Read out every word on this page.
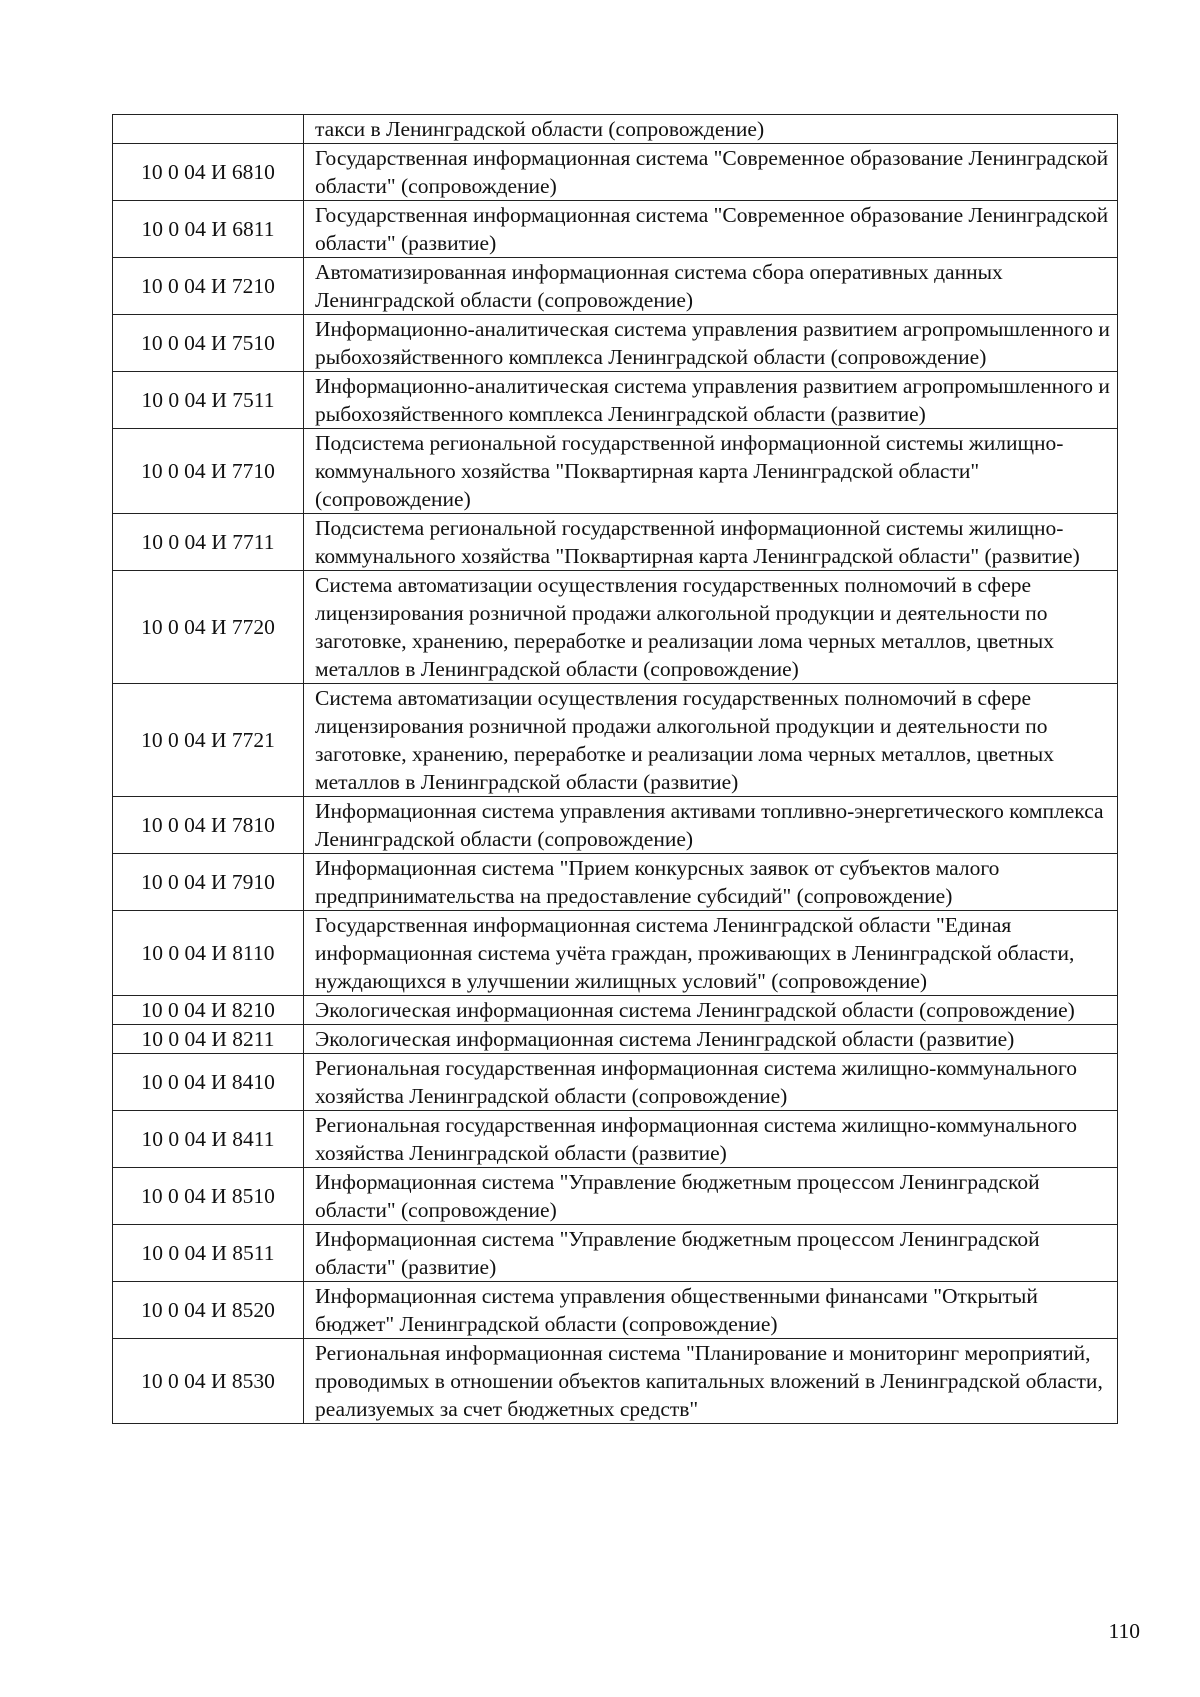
	такси в Ленинградской области (сопровождение)
10 0 04 И 6810	Государственная информационная система "Современное образование Ленинградской области" (сопровождение)
10 0 04 И 6811	Государственная информационная система "Современное образование Ленинградской области" (развитие)
10 0 04 И 7210	Автоматизированная информационная система сбора оперативных данных Ленинградской области (сопровождение)
10 0 04 И 7510	Информационно-аналитическая система управления развитием агропромышленного и рыбохозяйственного комплекса Ленинградской области (сопровождение)
10 0 04 И 7511	Информационно-аналитическая система управления развитием агропромышленного и рыбохозяйственного комплекса Ленинградской области (развитие)
10 0 04 И 7710	Подсистема региональной государственной информационной системы жилищно-коммунального хозяйства "Поквартирная карта Ленинградской области" (сопровождение)
10 0 04 И 7711	Подсистема региональной государственной информационной системы жилищно-коммунального хозяйства "Поквартирная карта Ленинградской области" (развитие)
10 0 04 И 7720	Система автоматизации осуществления государственных полномочий в сфере лицензирования розничной продажи алкогольной продукции и деятельности по заготовке, хранению, переработке и реализации лома черных металлов, цветных металлов в Ленинградской области (сопровождение)
10 0 04 И 7721	Система автоматизации осуществления государственных полномочий в сфере лицензирования розничной продажи алкогольной продукции и деятельности по заготовке, хранению, переработке и реализации лома черных металлов, цветных металлов в Ленинградской области (развитие)
10 0 04 И 7810	Информационная система управления активами топливно-энергетического комплекса Ленинградской области (сопровождение)
10 0 04 И 7910	Информационная система "Прием конкурсных заявок от субъектов малого предпринимательства на предоставление субсидий" (сопровождение)
10 0 04 И 8110	Государственная информационная система Ленинградской области "Единая информационная система учёта граждан, проживающих в Ленинградской области, нуждающихся в улучшении жилищных условий" (сопровождение)
10 0 04 И 8210	Экологическая информационная система Ленинградской области (сопровождение)
10 0 04 И 8211	Экологическая информационная система Ленинградской области (развитие)
10 0 04 И 8410	Региональная государственная информационная система жилищно-коммунального хозяйства Ленинградской области (сопровождение)
10 0 04 И 8411	Региональная государственная информационная система жилищно-коммунального хозяйства Ленинградской области (развитие)
10 0 04 И 8510	Информационная система "Управление бюджетным процессом Ленинградской области" (сопровождение)
10 0 04 И 8511	Информационная система "Управление бюджетным процессом Ленинградской области" (развитие)
10 0 04 И 8520	Информационная система управления общественными финансами "Открытый бюджет" Ленинградской области (сопровождение)
10 0 04 И 8530	Региональная информационная система "Планирование и мониторинг мероприятий, проводимых в отношении объектов капитальных вложений в Ленинградской области, реализуемых за счет бюджетных средств"
110
